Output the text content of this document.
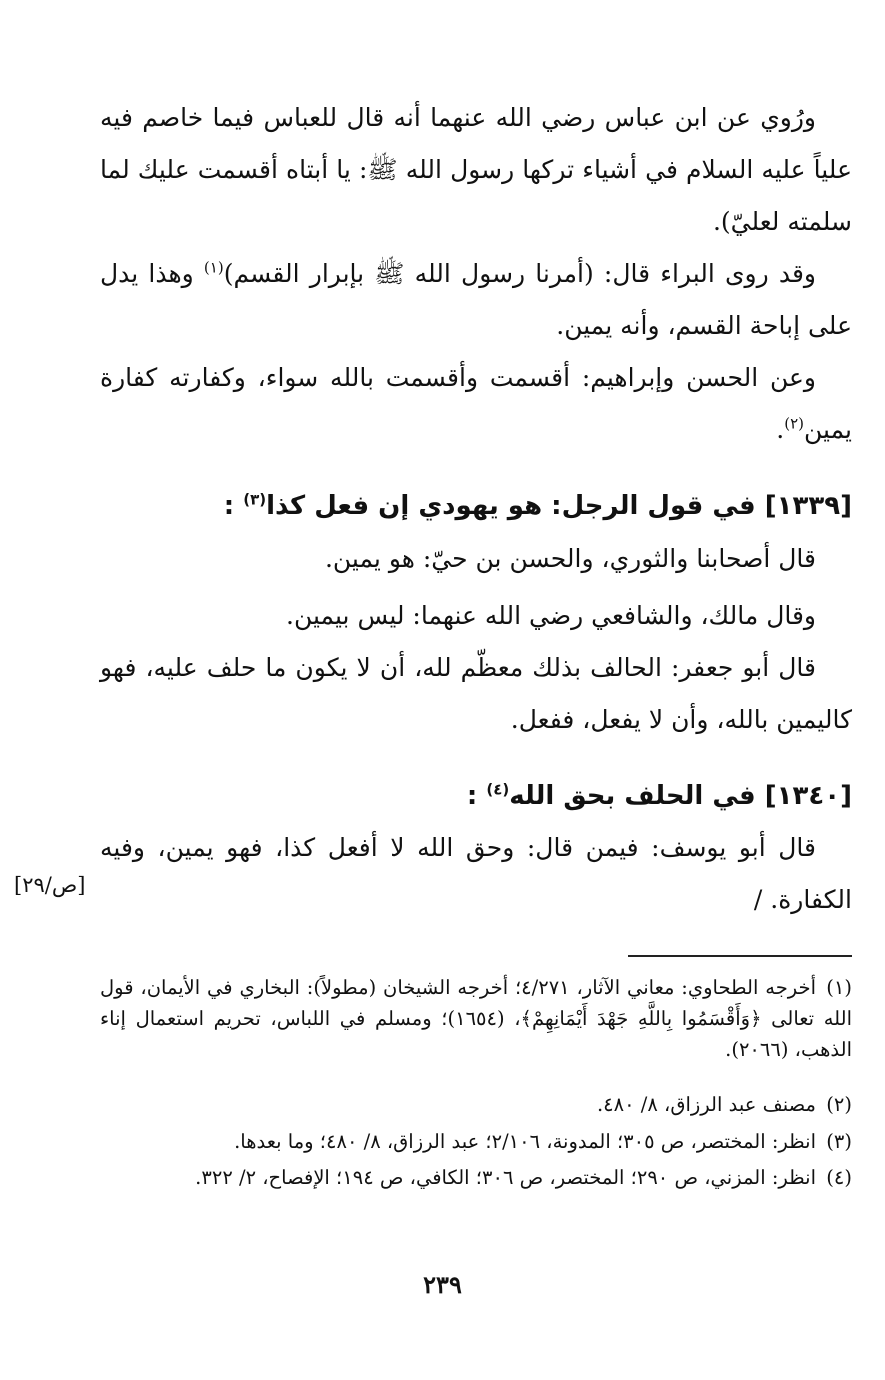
ورُوي عن ابن عباس رضي الله عنهما أنه قال للعباس فيما خاصم فيه علياً عليه السلام في أشياء تركها رسول الله ﷺ: يا أبتاه أقسمت عليك لما سلمته لعليّ).

وقد روى البراء قال: (أمرنا رسول الله ﷺ بإبرار القسم)$^{(١)}$ وهذا يدل على إباحة القسم، وأنه يمين.

وعن الحسن وإبراهيم: أقسمت وأقسمت بالله سواء، وكفارته كفارة يمين$^{(٢)}$.

[١٣٣٩] في قول الرجل: هو يهودي إن فعل كذا$^{(٣)}$ :

قال أصحابنا والثوري، والحسن بن حيّ: هو يمين.

وقال مالك، والشافعي رضي الله عنهما: ليس بيمين.

قال أبو جعفر: الحالف بذلك معظّم لله، أن لا يكون ما حلف عليه، فهو كاليمين بالله، وأن لا يفعل، ففعل.

[١٣٤٠] في الحلف بحق الله$^{(٤)}$ :

قال أبو يوسف: فيمن قال: وحق الله لا أفعل كذا، فهو يمين، وفيه الكفارة. /

[ص/٢٩]
(١)أخرجه الطحاوي: معاني الآثار، ٤/٢٧١؛ أخرجه الشيخان (مطولاً): البخاري في الأيمان، قول الله تعالى ﴿وَأَقْسَمُوا بِاللَّهِ جَهْدَ أَيْمَانِهِمْ﴾، (١٦٥٤)؛ ومسلم في اللباس، تحريم استعمال إناء الذهب، (٢٠٦٦).
(٢)مصنف عبد الرزاق، ٨/ ٤٨٠.
(٣)انظر: المختصر، ص ٣٠٥؛ المدونة، ٢/١٠٦؛ عبد الرزاق، ٨/ ٤٨٠؛ وما بعدها.
(٤)انظر: المزني، ص ٢٩٠؛ المختصر، ص ٣٠٦؛ الكافي، ص ١٩٤؛ الإفصاح، ٢/ ٣٢٢.
٢٣٩
